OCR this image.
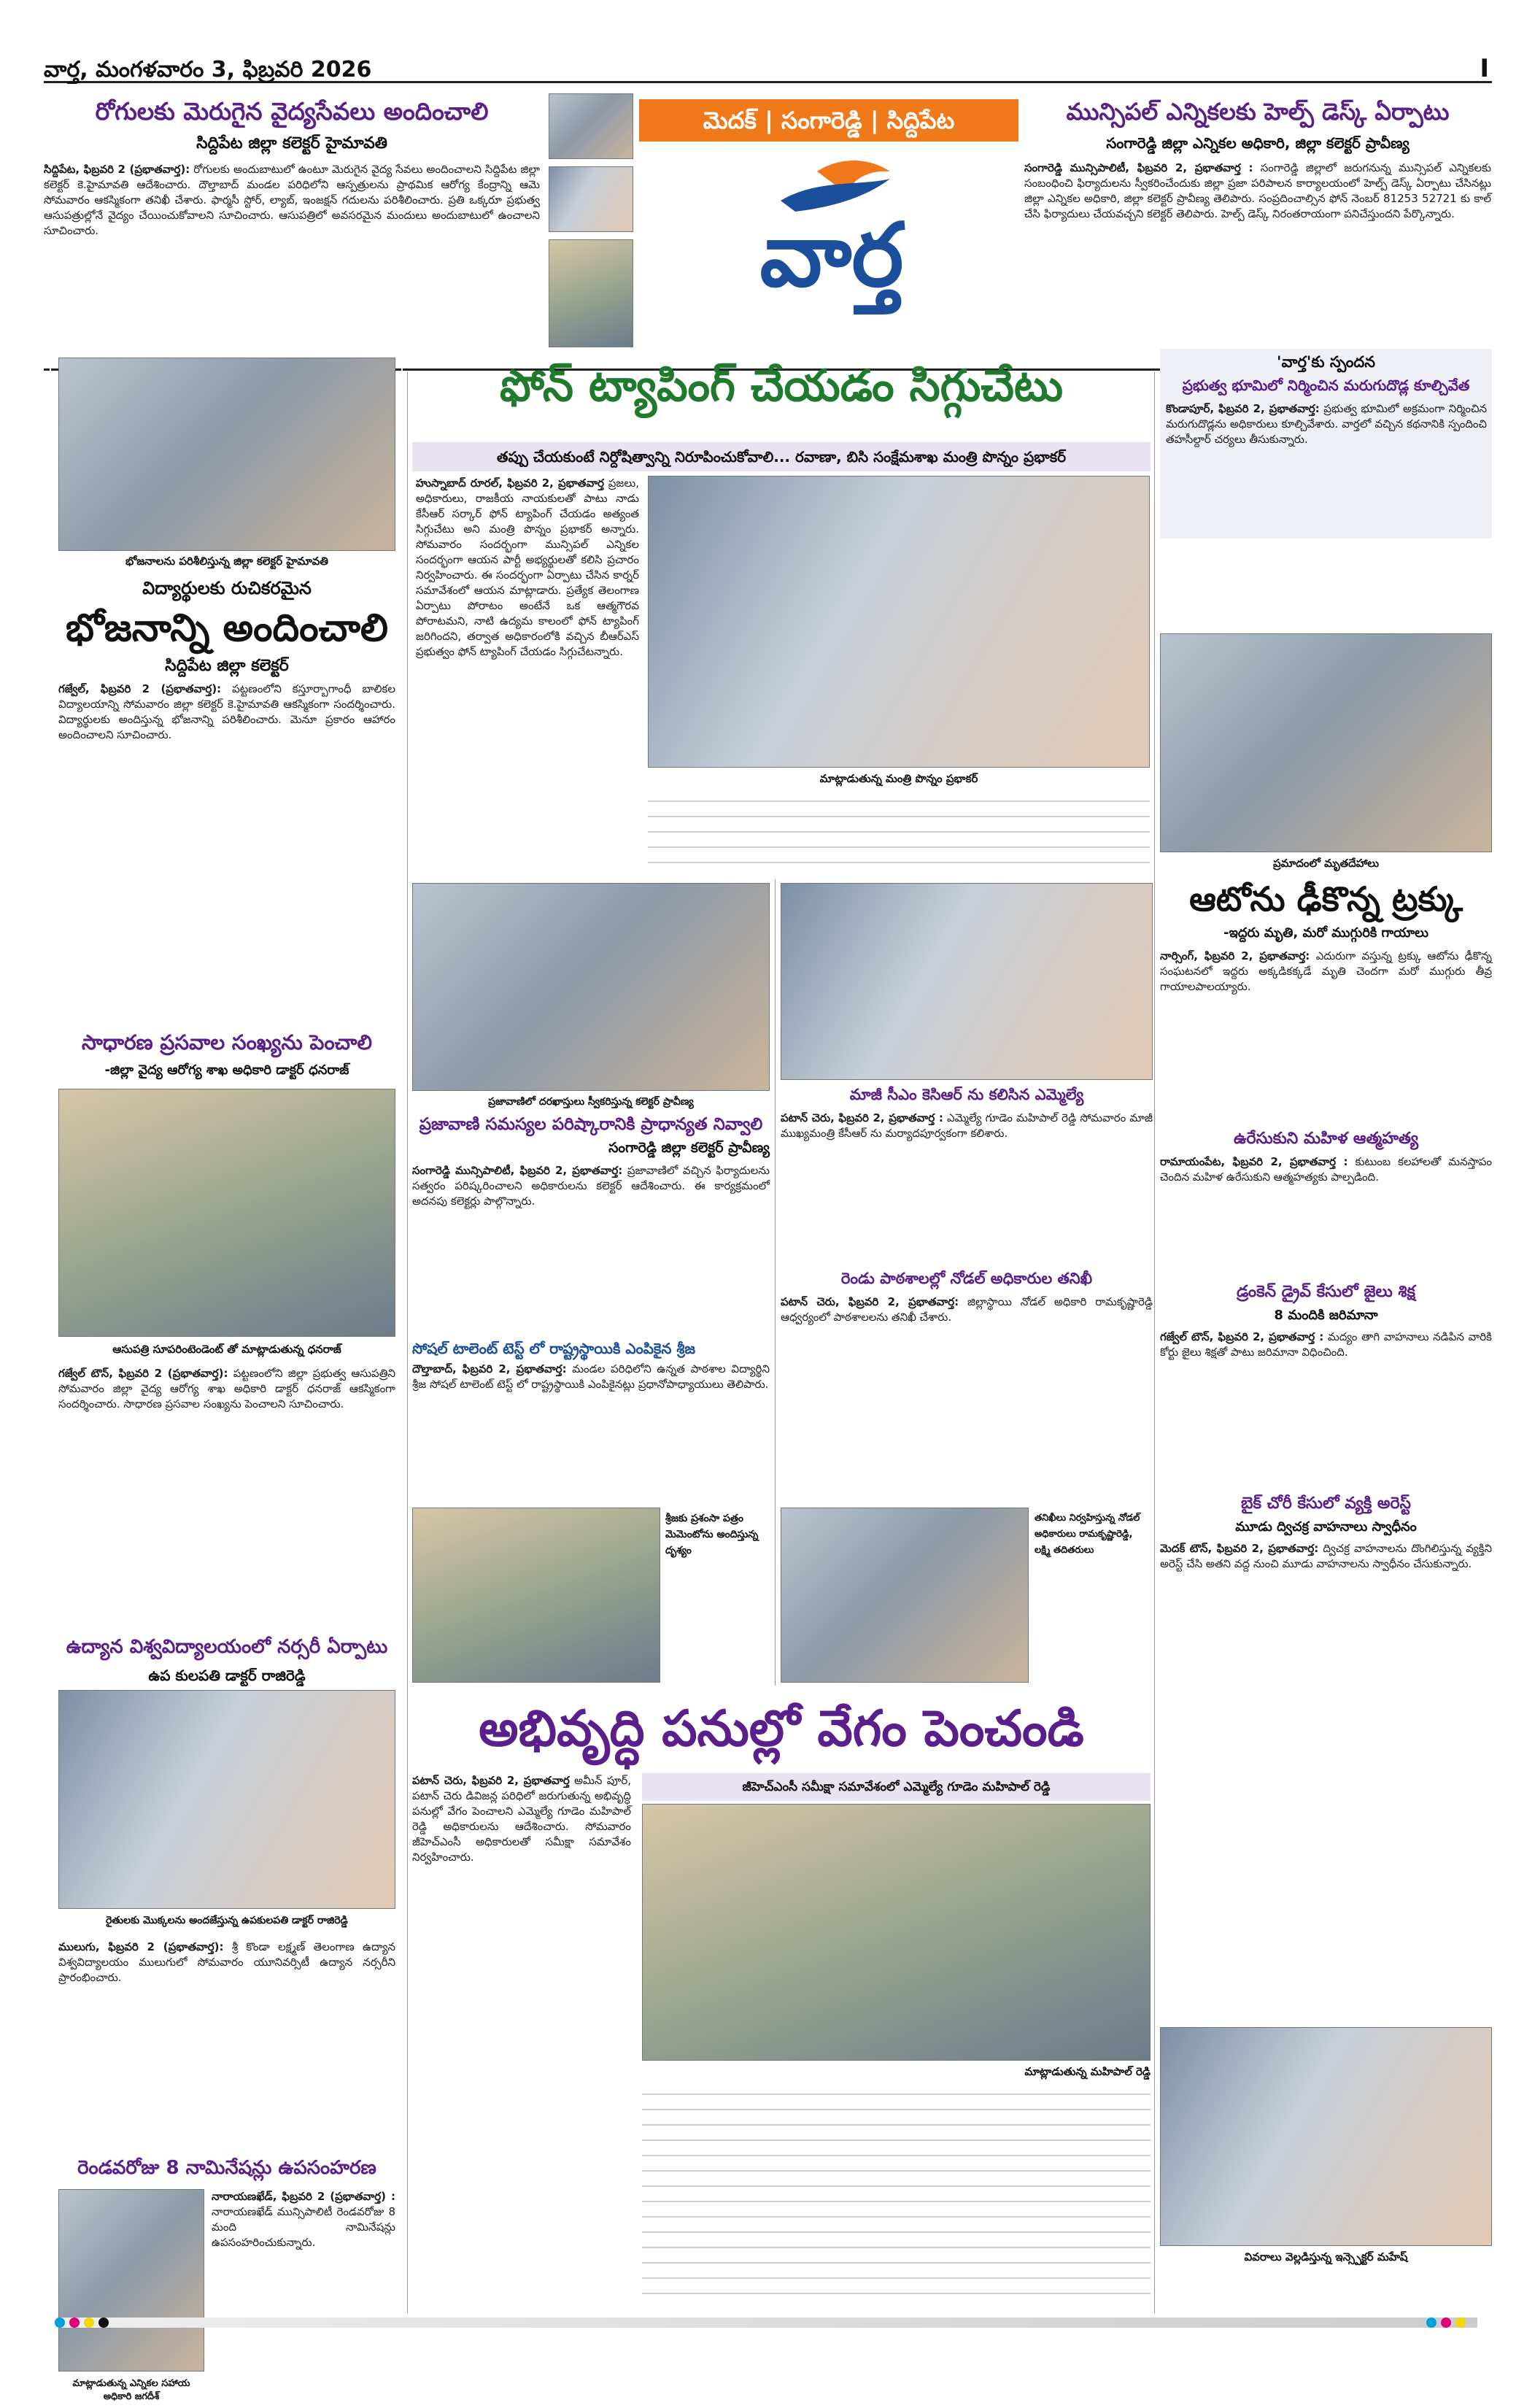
వార్త, మంగళవారం 3, ఫిబ్రవరి 2026	I
రోగులకు మెరుగైన వైద్యసేవలు అందించాలి
సిద్దిపేట జిల్లా కలెక్టర్ హైమావతి
సిద్దిపేట, ఫిబ్రవరి 2 (ప్రభాతవార్త): రోగులకు అందుబాటులో ఉంటూ మెరుగైన వైద్య సేవలు అందించాలని సిద్దిపేట జిల్లా కలెక్టర్ కె.హైమావతి ఆదేశించారు. దౌల్తాబాద్ మండల పరిధిలోని ఆస్పత్రులను ప్రాథమిక ఆరోగ్య కేంద్రాన్ని ఆమె సోమవారం ఆకస్మికంగా తనిఖీ చేశారు. ఫార్మసీ స్టోర్, ల్యాబ్, ఇంజక్షన్ గదులను పరిశీలించారు. ప్రతి ఒక్కరూ ప్రభుత్వ ఆసుపత్రుల్లోనే వైద్యం చేయించుకోవాలని సూచించారు. ఆసుపత్రిలో అవసరమైన మందులు అందుబాటులో ఉంచాలని సూచించారు.
మెదక్ | సంగారెడ్డి | సిద్దిపేట
వార్త
మున్సిపల్ ఎన్నికలకు హెల్ప్ డెస్క్ ఏర్పాటు
సంగారెడ్డి జిల్లా ఎన్నికల అధికారి, జిల్లా కలెక్టర్ ప్రావీణ్య
సంగారెడ్డి మున్సిపాలిటీ, ఫిబ్రవరి 2, ప్రభాతవార్త : సంగారెడ్డి జిల్లాలో జరుగనున్న మున్సిపల్ ఎన్నికలకు సంబంధించి ఫిర్యాదులను స్వీకరించేందుకు జిల్లా ప్రజా పరిపాలన కార్యాలయంలో హెల్ప్ డెస్క్ ఏర్పాటు చేసినట్లు జిల్లా ఎన్నికల అధికారి, జిల్లా కలెక్టర్ ప్రావీణ్య తెలిపారు. సంప్రదించాల్సిన ఫోన్ నెంబర్ 81253 52721 కు కాల్ చేసి ఫిర్యాదులు చేయవచ్చని కలెక్టర్ తెలిపారు. హెల్ప్ డెస్క్ నిరంతరాయంగా పనిచేస్తుందని పేర్కొన్నారు.
భోజనాలను పరిశీలిస్తున్న జిల్లా కలెక్టర్ హైమావతి
విద్యార్థులకు రుచికరమైన
భోజనాన్ని అందించాలి
సిద్దిపేట జిల్లా కలెక్టర్
గజ్వేల్, ఫిబ్రవరి 2 (ప్రభాతవార్త): పట్టణంలోని కస్తూర్బాగాంధీ బాలికల విద్యాలయాన్ని సోమవారం జిల్లా కలెక్టర్ కె.హైమావతి ఆకస్మికంగా సందర్శించారు. విద్యార్థులకు అందిస్తున్న భోజనాన్ని పరిశీలించారు. మెనూ ప్రకారం ఆహారం అందించాలని సూచించారు.
సాధారణ ప్రసవాల సంఖ్యను పెంచాలి
-జిల్లా వైద్య ఆరోగ్య శాఖ అధికారి డాక్టర్ ధనరాజ్
ఆసుపత్రి సూపరింటెండెంట్ తో మాట్లాడుతున్న ధనరాజ్
గజ్వేల్ టౌన్, ఫిబ్రవరి 2 (ప్రభాతవార్త): పట్టణంలోని జిల్లా ప్రభుత్వ ఆసుపత్రిని సోమవారం జిల్లా వైద్య ఆరోగ్య శాఖ అధికారి డాక్టర్ ధనరాజ్ ఆకస్మికంగా సందర్శించారు. సాధారణ ప్రసవాల సంఖ్యను పెంచాలని సూచించారు.
ఉద్యాన విశ్వవిద్యాలయంలో నర్సరీ ఏర్పాటు
ఉప కులపతి డాక్టర్ రాజిరెడ్డి
రైతులకు మొక్కలను అందజేస్తున్న ఉపకులపతి డాక్టర్ రాజిరెడ్డి
ములుగు, ఫిబ్రవరి 2 (ప్రభాతవార్త): శ్రీ కొండా లక్ష్మణ్ తెలంగాణ ఉద్యాన విశ్వవిద్యాలయం ములుగులో సోమవారం యూనివర్సిటీ ఉద్యాన నర్సరీని ప్రారంభించారు.
రెండవరోజు 8 నామినేషన్లు ఉపసంహరణ
మాట్లాడుతున్న ఎన్నికల సహాయ అధికారి జగదీశ్
నారాయణఖేడ్, ఫిబ్రవరి 2 (ప్రభాతవార్త) : నారాయణఖేడ్ మున్సిపాలిటీ రెండవరోజు 8 మంది నామినేషన్లు ఉపసంహరించుకున్నారు.
ఫోన్ ట్యాపింగ్ చేయడం సిగ్గుచేటు
తప్పు చేయకుంటే నిర్దోషిత్వాన్ని నిరూపించుకోవాలి... రవాణా, బిసి సంక్షేమశాఖ మంత్రి పొన్నం ప్రభాకర్
హుస్నాబాద్ రూరల్, ఫిబ్రవరి 2, ప్రభాతవార్త ప్రజలు, అధికారులు, రాజకీయ నాయకులతో పాటు నాడు కేసీఆర్ సర్కార్ ఫోన్ ట్యాపింగ్ చేయడం అత్యంత సిగ్గుచేటు అని మంత్రి పొన్నం ప్రభాకర్ అన్నారు. సోమవారం సందర్భంగా మున్సిపల్ ఎన్నికల సందర్భంగా ఆయన పార్టీ అభ్యర్థులతో కలిసి ప్రచారం నిర్వహించారు. ఈ సందర్భంగా ఏర్పాటు చేసిన కార్నర్ సమావేశంలో ఆయన మాట్లాడారు. ప్రత్యేక తెలంగాణ ఏర్పాటు పోరాటం అంటేనే ఒక ఆత్మగౌరవ పోరాటమని, నాటి ఉద్యమ కాలంలో ఫోన్ ట్యాపింగ్ జరిగిందని, తర్వాత అధికారంలోకి వచ్చిన బీఆర్ఎస్ ప్రభుత్వం ఫోన్ ట్యాపింగ్ చేయడం సిగ్గుచేటన్నారు.
మాట్లాడుతున్న మంత్రి పొన్నం ప్రభాకర్
ప్రజావాణిలో దరఖాస్తులు స్వీకరిస్తున్న కలెక్టర్ ప్రావీణ్య
ప్రజావాణి సమస్యల పరిష్కారానికి ప్రాధాన్యత నివ్వాలి
సంగారెడ్డి జిల్లా కలెక్టర్ ప్రావీణ్య
సంగారెడ్డి మున్సిపాలిటీ, ఫిబ్రవరి 2, ప్రభాతవార్త: ప్రజావాణిలో వచ్చిన ఫిర్యాదులను సత్వరం పరిష్కరించాలని అధికారులను కలెక్టర్ ఆదేశించారు. ఈ కార్యక్రమంలో అదనపు కలెక్టర్లు పాల్గొన్నారు.
సోషల్ టాలెంట్ టెస్ట్ లో రాష్ట్రస్థాయికి ఎంపికైన శ్రీజ
దౌల్తాబాద్, ఫిబ్రవరి 2, ప్రభాతవార్త: మండల పరిధిలోని ఉన్నత పాఠశాల విద్యార్థిని శ్రీజ సోషల్ టాలెంట్ టెస్ట్ లో రాష్ట్రస్థాయికి ఎంపికైనట్లు ప్రధానోపాధ్యాయులు తెలిపారు.
శ్రీజకు ప్రశంసా పత్రం మెమెంటోను అందిస్తున్న దృశ్యం
మాజీ సీఎం కెసిఆర్ ను కలిసిన ఎమ్మెల్యే
పటాన్ చెరు, ఫిబ్రవరి 2, ప్రభాతవార్త : ఎమ్మెల్యే గూడెం మహిపాల్ రెడ్డి సోమవారం మాజీ ముఖ్యమంత్రి కేసీఆర్ ను మర్యాదపూర్వకంగా కలిశారు.
రెండు పాఠశాలల్లో నోడల్ అధికారుల తనిఖీ
పటాన్ చెరు, ఫిబ్రవరి 2, ప్రభాతవార్త: జిల్లాస్థాయి నోడల్ అధికారి రామకృష్ణారెడ్డి ఆధ్వర్యంలో పాఠశాలలను తనిఖీ చేశారు.
తనిఖీలు నిర్వహిస్తున్న నోడల్ అధికారులు రామకృష్ణారెడ్డి, లక్ష్మి తదితరులు
అభివృద్ధి పనుల్లో వేగం పెంచండి
పటాన్ చెరు, ఫిబ్రవరి 2, ప్రభాతవార్త అమీన్ పూర్, పటాన్ చెరు డివిజన్ల పరిధిలో జరుగుతున్న అభివృద్ధి పనుల్లో వేగం పెంచాలని ఎమ్మెల్యే గూడెం మహిపాల్ రెడ్డి అధికారులను ఆదేశించారు. సోమవారం జీహెచ్ఎంసీ అధికారులతో సమీక్షా సమావేశం నిర్వహించారు.
జీహెచ్ఎంసీ సమీక్షా సమావేశంలో ఎమ్మెల్యే గూడెం మహిపాల్ రెడ్డి
మాట్లాడుతున్న మహిపాల్ రెడ్డి
'వార్త'కు స్పందన
ప్రభుత్వ భూమిలో నిర్మించిన మరుగుదొడ్ల కూల్చివేత
కొండాపూర్, ఫిబ్రవరి 2, ప్రభాతవార్త: ప్రభుత్వ భూమిలో అక్రమంగా నిర్మించిన మరుగుదొడ్లను అధికారులు కూల్చివేశారు. వార్తలో వచ్చిన కథనానికి స్పందించి తహసీల్దార్ చర్యలు తీసుకున్నారు.
ప్రమాదంలో మృతదేహాలు
ఆటోను ఢీకొన్న ట్రక్కు
-ఇద్దరు మృతి, మరో ముగ్గురికి గాయాలు
నార్సింగ్, ఫిబ్రవరి 2, ప్రభాతవార్త: ఎదురుగా వస్తున్న ట్రక్కు ఆటోను ఢీకొన్న సంఘటనలో ఇద్దరు అక్కడికక్కడే మృతి చెందగా మరో ముగ్గురు తీవ్ర గాయాలపాలయ్యారు.
ఉరేసుకుని మహిళ ఆత్మహత్య
రామాయంపేట, ఫిబ్రవరి 2, ప్రభాతవార్త : కుటుంబ కలహాలతో మనస్తాపం చెందిన మహిళ ఉరేసుకుని ఆత్మహత్యకు పాల్పడింది.
డ్రంకెన్ డ్రైవ్ కేసులో జైలు శిక్ష
8 మందికి జరిమానా
గజ్వేల్ టౌన్, ఫిబ్రవరి 2, ప్రభాతవార్త : మద్యం తాగి వాహనాలు నడిపిన వారికి కోర్టు జైలు శిక్షతో పాటు జరిమానా విధించింది.
బైక్ చోరీ కేసులో వ్యక్తి అరెస్ట్
మూడు ద్విచక్ర వాహనాలు స్వాధీనం
మెదక్ టౌన్, ఫిబ్రవరి 2, ప్రభాతవార్త: ద్విచక్ర వాహనాలను దొంగిలిస్తున్న వ్యక్తిని అరెస్ట్ చేసి అతని వద్ద నుంచి మూడు వాహనాలను స్వాధీనం చేసుకున్నారు.
వివరాలు వెల్లడిస్తున్న ఇన్స్పెక్టర్ మహేష్
